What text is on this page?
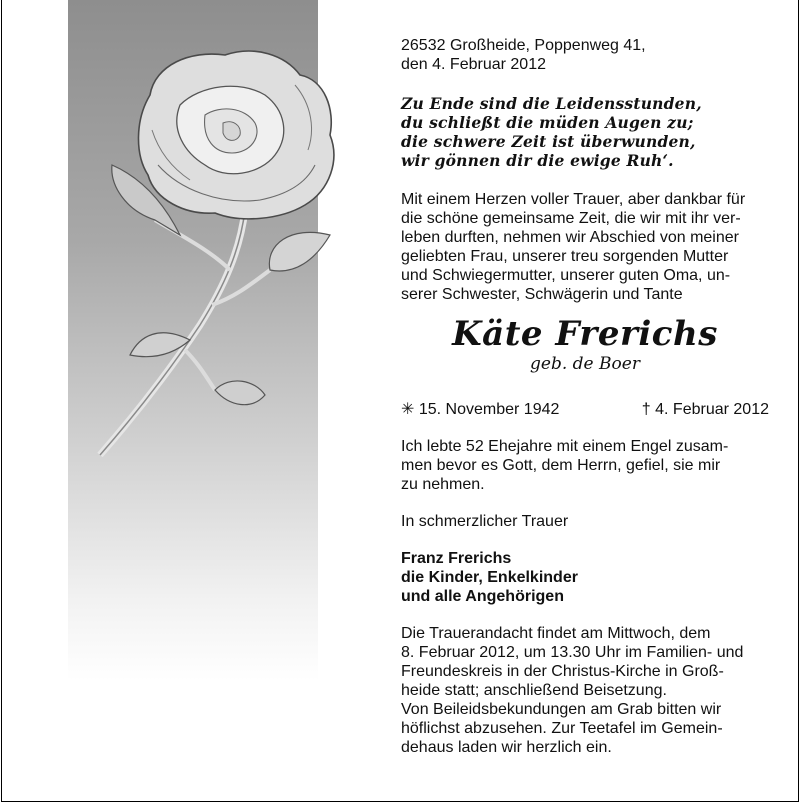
26532 Großheide, Poppenweg 41,
den 4. Februar 2012
Zu Ende sind die Leidensstunden,
du schließt die müden Augen zu;
die schwere Zeit ist überwunden,
wir gönnen dir die ewige Ruh‘.
Mit einem Herzen voller Trauer, aber dankbar für
die schöne gemeinsame Zeit, die wir mit ihr ver-
leben durften, nehmen wir Abschied von meiner
geliebten Frau, unserer treu sorgenden Mutter
und Schwiegermutter, unserer guten Oma, un-
serer Schwester, Schwägerin und Tante
Käte Frerichs
geb. de Boer
✳ 15. November 1942	† 4. Februar 2012
Ich lebte 52 Ehejahre mit einem Engel zusam-
men bevor es Gott, dem Herrn, gefiel, sie mir
zu nehmen.
In schmerzlicher Trauer
Franz Frerichs
die Kinder, Enkelkinder
und alle Angehörigen
Die Trauerandacht findet am Mittwoch, dem
8. Februar 2012, um 13.30 Uhr im Familien- und
Freundeskreis in der Christus-Kirche in Groß-
heide statt; anschließend Beisetzung.
Von Beileidsbekundungen am Grab bitten wir
höflichst abzusehen. Zur Teetafel im Gemein-
dehaus laden wir herzlich ein.
